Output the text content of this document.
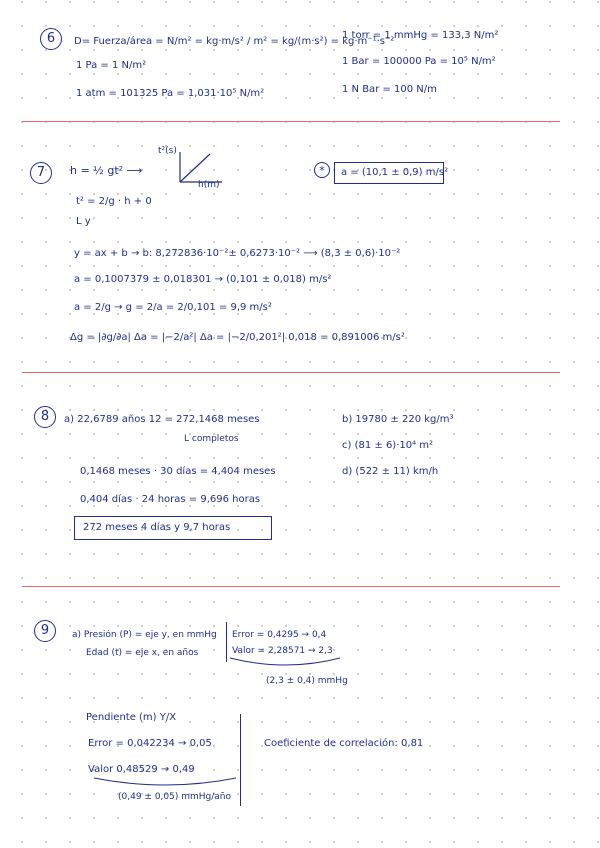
6	D= Fuerza/área = N/m² = kg·m/s² / m² = kg/(m·s²) = kg·m⁻¹·s⁻²
1 Pa = 1 N/m²
1 atm = 101325 Pa = 1,031·10⁵ N/m²
1 torr = 1 mmHg = 133,3 N/m²
1 Bar = 100000 Pa = 10⁵ N/m²
1 N Bar = 100 N/m
7	h = ½ gt² ⟶
t²(s)
h(m)
*	a = (10,1 ± 0,9) m/s²
t² = 2/g · h + 0
L y
y = ax + b → b: 8,272836·10⁻²± 0,6273·10⁻² ⟶ (8,3 ± 0,6)·10⁻²
a = 0,1007379 ± 0,018301 → (0,101 ± 0,018) m/s²
a = 2/g → g = 2/a = 2/0,101 = 9,9 m/s²
Δg = |∂g/∂a| Δa = |−2/a²| Δa = |−2/0,201²| 0,018 = 0,891006 m/s²
8	a) 22,6789 años 12 = 272,1468 meses
L completos
0,1468 meses · 30 días = 4,404 meses
0,404 días · 24 horas = 9,696 horas
272 meses 4 días y 9,7 horas
b) 19780 ± 220 kg/m³
c) (81 ± 6)·10⁴ m²
d) (522 ± 11) km/h
9	a) Presión (P) = eje y, en mmHg
Edad (t) = eje x, en años
Error = 0,4295 → 0,4
Valor = 2,28571 → 2,3
(2,3 ± 0,4) mmHg
Pendiente (m) Y/X
Error = 0,042234 → 0,05
Valor 0,48529 → 0,49
(0,49 ± 0,05) mmHg/año
Coeficiente de correlación: 0,81
